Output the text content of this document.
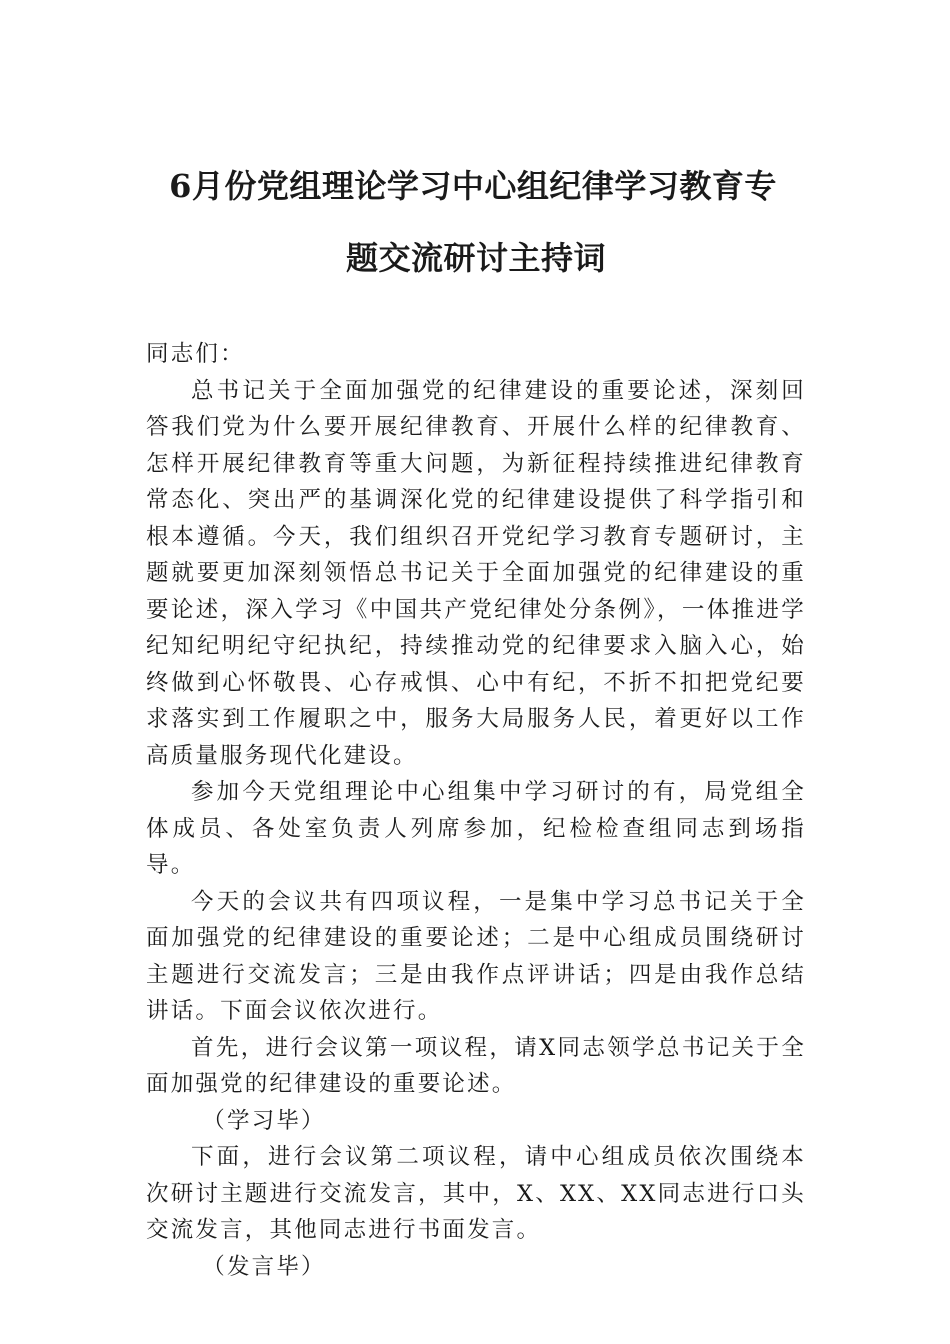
6月份党组理论学习中心组纪律学习教育专
题交流研讨主持词

同志们：

总书记关于全面加强党的纪律建设的重要论述，深刻回答我们党为什么要开展纪律教育、开展什么样的纪律教育、怎样开展纪律教育等重大问题，为新征程持续推进纪律教育常态化、突出严的基调深化党的纪律建设提供了科学指引和根本遵循。今天，我们组织召开党纪学习教育专题研讨，主题就要更加深刻领悟总书记关于全面加强党的纪律建设的重要论述，深入学习《中国共产党纪律处分条例》，一体推进学纪知纪明纪守纪执纪，持续推动党的纪律要求入脑入心，始终做到心怀敬畏、心存戒惧、心中有纪，不折不扣把党纪要求落实到工作履职之中，服务大局服务人民，着更好以工作高质量服务现代化建设。

参加今天党组理论中心组集中学习研讨的有，局党组全体成员、各处室负责人列席参加，纪检检查组同志到场指导。

今天的会议共有四项议程，一是集中学习总书记关于全面加强党的纪律建设的重要论述；二是中心组成员围绕研讨主题进行交流发言；三是由我作点评讲话；四是由我作总结讲话。下面会议依次进行。

首先，进行会议第一项议程，请X同志领学总书记关于全面加强党的纪律建设的重要论述。

（学习毕）

下面，进行会议第二项议程，请中心组成员依次围绕本次研讨主题进行交流发言，其中，X、XX、XX同志进行口头交流发言，其他同志进行书面发言。

（发言毕）
